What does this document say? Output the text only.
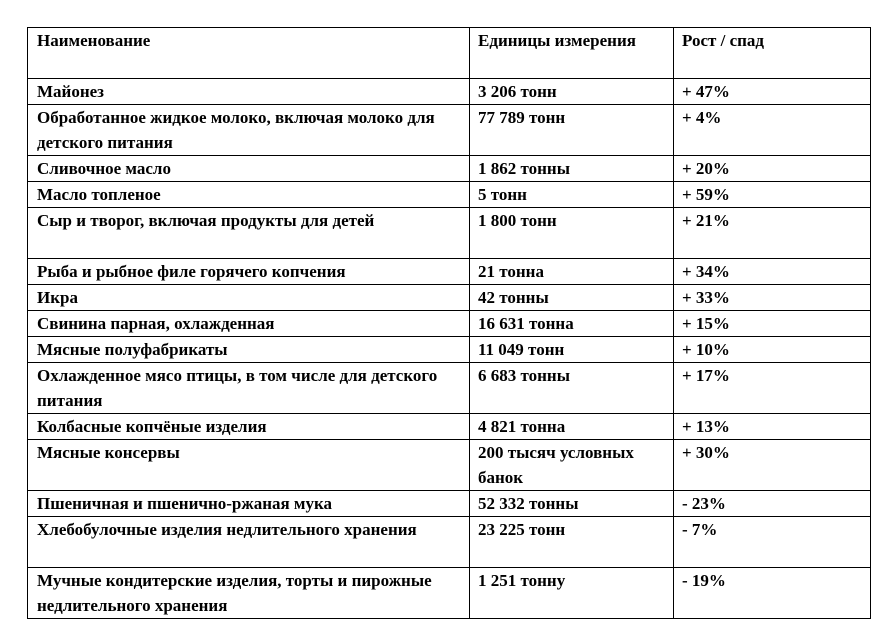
Наименование	Единицы измерения	Рост / спад
Майонез	3 206 тонн	+ 47%
Обработанное жидкое молоко, включая молоко для детского питания	77 789 тонн	+ 4%
Сливочное масло	1 862 тонны	+ 20%
Масло топленое	5 тонн	+ 59%
Сыр и творог, включая продукты для детей	1 800 тонн	+ 21%
Рыба и рыбное филе горячего копчения	21 тонна	+ 34%
Икра	42 тонны	+ 33%
Свинина парная, охлажденная	16 631 тонна	+ 15%
Мясные полуфабрикаты	11 049 тонн	+ 10%
Охлажденное мясо птицы, в том числе для детского питания	6 683 тонны	+ 17%
Колбасные копчёные изделия	4 821 тонна	+ 13%
Мясные консервы	200 тысяч условных банок	+ 30%
Пшеничная и пшенично-ржаная мука	52 332 тонны	- 23%
Хлебобулочные изделия недлительного хранения	23 225 тонн	- 7%
Мучные кондитерские изделия, торты и пирожные недлительного хранения	1 251 тонну	- 19%
